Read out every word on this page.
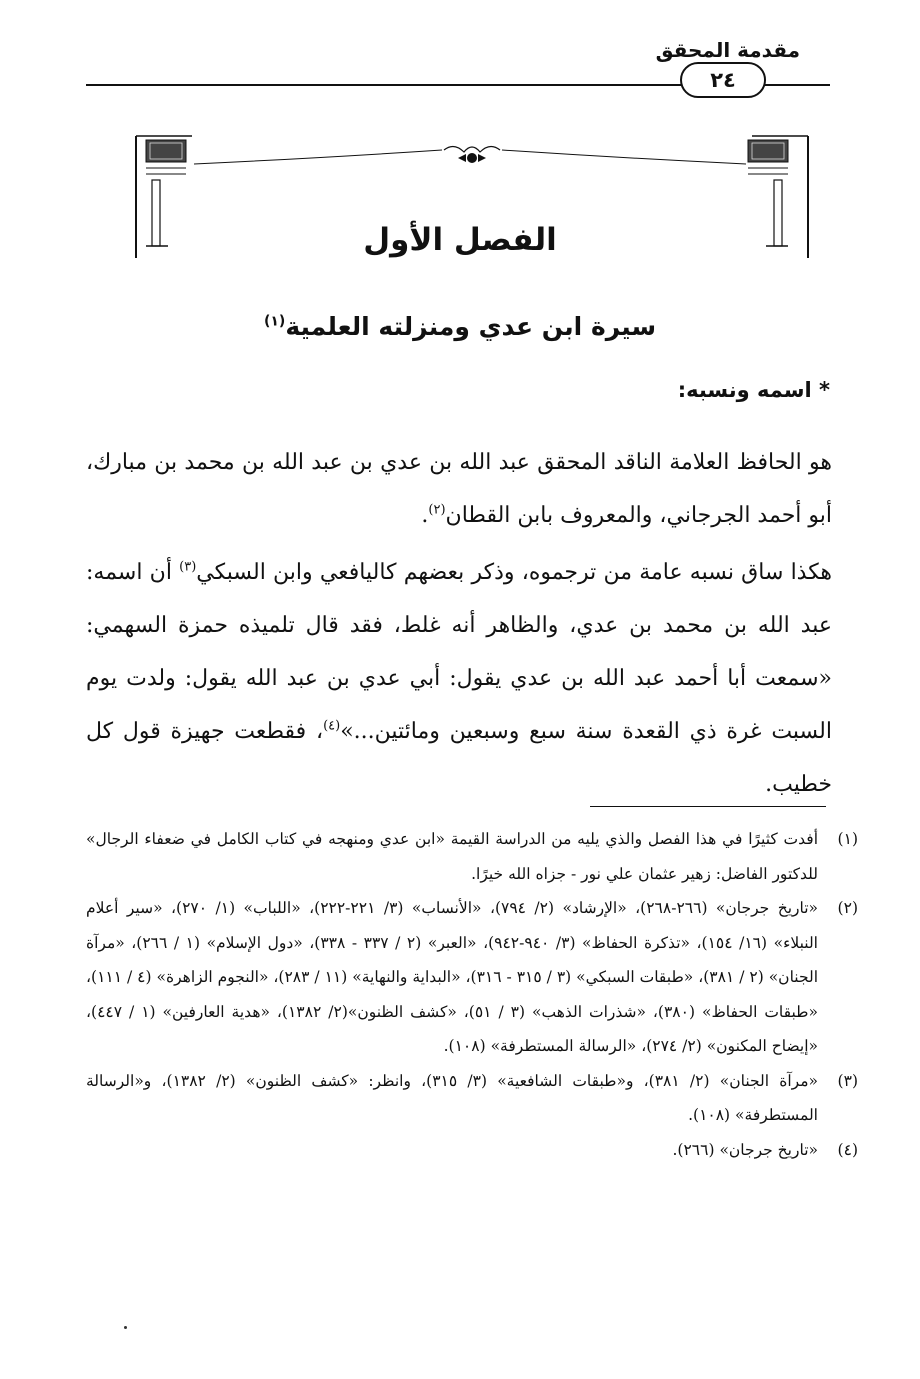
مقدمة المحقق
٢٤
الفصل الأول
سيرة ابن عدي ومنزلته العلمية$^{(١)}$
* اسمه ونسبه:

هو الحافظ العلامة الناقد المحقق عبد الله بن عدي بن عبد الله بن محمد بن مبارك، أبو أحمد الجرجاني، والمعروف بابن القطان$^{(٢)}$.

هكذا ساق نسبه عامة من ترجموه، وذكر بعضهم كاليافعي وابن السبكي$^{(٣)}$ أن اسمه: عبد الله بن محمد بن عدي، والظاهر أنه غلط، فقد قال تلميذه حمزة السهمي: «سمعت أبا أحمد عبد الله بن عدي يقول: أبي عدي بن عبد الله يقول: ولدت يوم السبت غرة ذي القعدة سنة سبع وسبعين ومائتين...»$^{(٤)}$، فقطعت جهيزة قول كل خطيب.

(١)
أفدت كثيرًا في هذا الفصل والذي يليه من الدراسة القيمة «ابن عدي ومنهجه في كتاب الكامل في ضعفاء الرجال» للدكتور الفاضل: زهير عثمان علي نور - جزاه الله خيرًا.
(٢)
«تاريخ جرجان» (٢٦٦-٢٦٨)، «الإرشاد» (٢/ ٧٩٤)، «الأنساب» (٣/ ٢٢١-٢٢٢)، «اللباب» (١/ ٢٧٠)، «سير أعلام النبلاء» (١٦/ ١٥٤)، «تذكرة الحفاظ» (٣/ ٩٤٠-٩٤٢)، «العبر» (٢ / ٣٣٧ - ٣٣٨)، «دول الإسلام» (١ / ٢٦٦)، «مرآة الجنان» (٢ / ٣٨١)، «طبقات السبكي» (٣ / ٣١٥ - ٣١٦)، «البداية والنهاية» (١١ / ٢٨٣)، «النجوم الزاهرة» (٤ / ١١١)، «طبقات الحفاظ» (٣٨٠)، «شذرات الذهب» (٣ / ٥١)، «كشف الظنون»(٢/ ١٣٨٢)، «هدية العارفين» (١ / ٤٤٧)، «إيضاح المكنون» (٢/ ٢٧٤)، «الرسالة المستطرفة» (١٠٨).
(٣)
«مرآة الجنان» (٢/ ٣٨١)، و«طبقات الشافعية» (٣/ ٣١٥)، وانظر: «كشف الظنون» (٢/ ١٣٨٢)، و«الرسالة المستطرفة» (١٠٨).
(٤)
«تاريخ جرجان» (٢٦٦).
